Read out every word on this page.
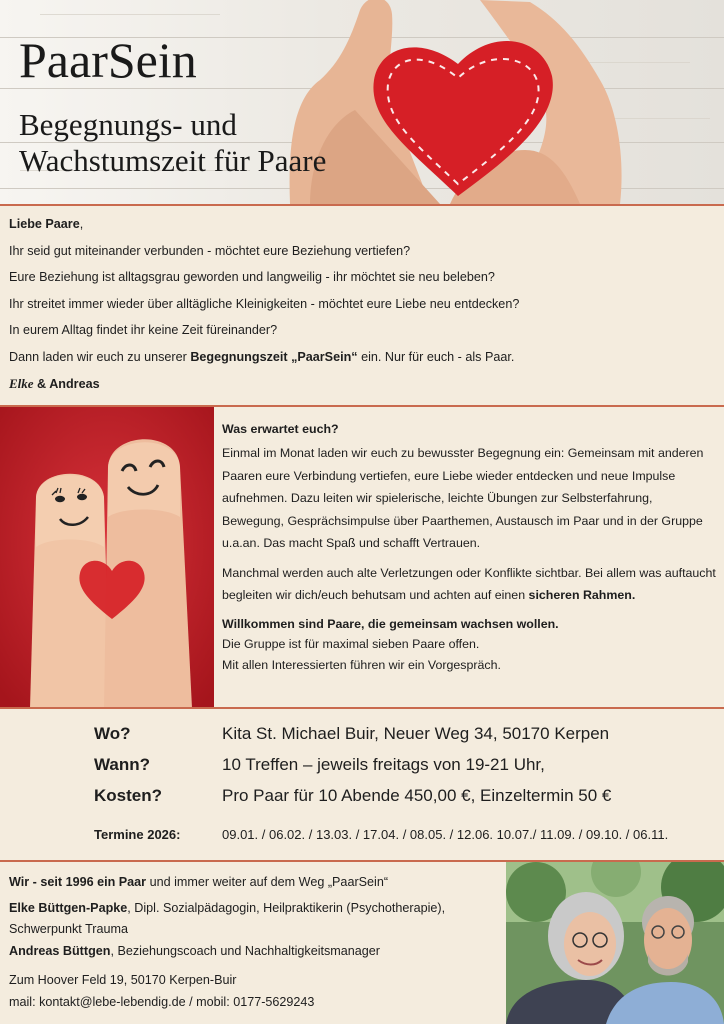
PaarSein
Begegnungs- und
Wachstumszeit für Paare

Liebe Paare,

Ihr seid gut miteinander verbunden - möchtet eure Beziehung vertiefen?

Eure Beziehung ist alltagsgrau geworden und langweilig - ihr möchtet sie neu beleben?

Ihr streitet immer wieder über alltägliche Kleinigkeiten - möchtet eure Liebe neu entdecken?

In eurem Alltag findet ihr keine Zeit füreinander?

Dann laden wir euch zu unserer Begegnungszeit „PaarSein“ ein. Nur für euch - als Paar.

Elke & Andreas

Was erwartet euch?

Einmal im Monat laden wir euch zu bewusster Begegnung ein: Gemeinsam mit anderen Paaren eure Verbindung vertiefen, eure Liebe wieder entdecken und neue Impulse aufnehmen. Dazu leiten wir spielerische, leichte Übungen zur Selbsterfahrung, Bewegung, Gesprächsimpulse über Paarthemen, Austausch im Paar und in der Gruppe u.a.an. Das macht Spaß und schafft Vertrauen.

Manchmal werden auch alte Verletzungen oder Konflikte sichtbar. Bei allem was auftaucht begleiten wir dich/euch behutsam und achten auf einen sicheren Rahmen.

Willkommen sind Paare, die gemeinsam wachsen wollen.

Die Gruppe ist für maximal sieben Paare offen.

Mit allen Interessierten führen wir ein Vorgespräch.

Wo?	Kita St. Michael Buir, Neuer Weg 34, 50170 Kerpen
Wann?	10 Treffen – jeweils freitags von 19-21 Uhr,
Kosten?	Pro Paar für 10 Abende 450,00 €, Einzeltermin 50 €
Termine 2026:	09.01. / 06.02. / 13.03. / 17.04. / 08.05. / 12.06. 10.07./ 11.09. / 09.10. / 06.11.

Wir - seit 1996 ein Paar und immer weiter auf dem Weg „PaarSein“

Elke Büttgen-Papke, Dipl. Sozialpädagogin, Heilpraktikerin (Psychotherapie),

Schwerpunkt Trauma

Andreas Büttgen, Beziehungscoach und Nachhaltigkeitsmanager

Zum Hoover Feld 19, 50170 Kerpen-Buir

mail: kontakt@lebe-lebendig.de / mobil: 0177-5629243
